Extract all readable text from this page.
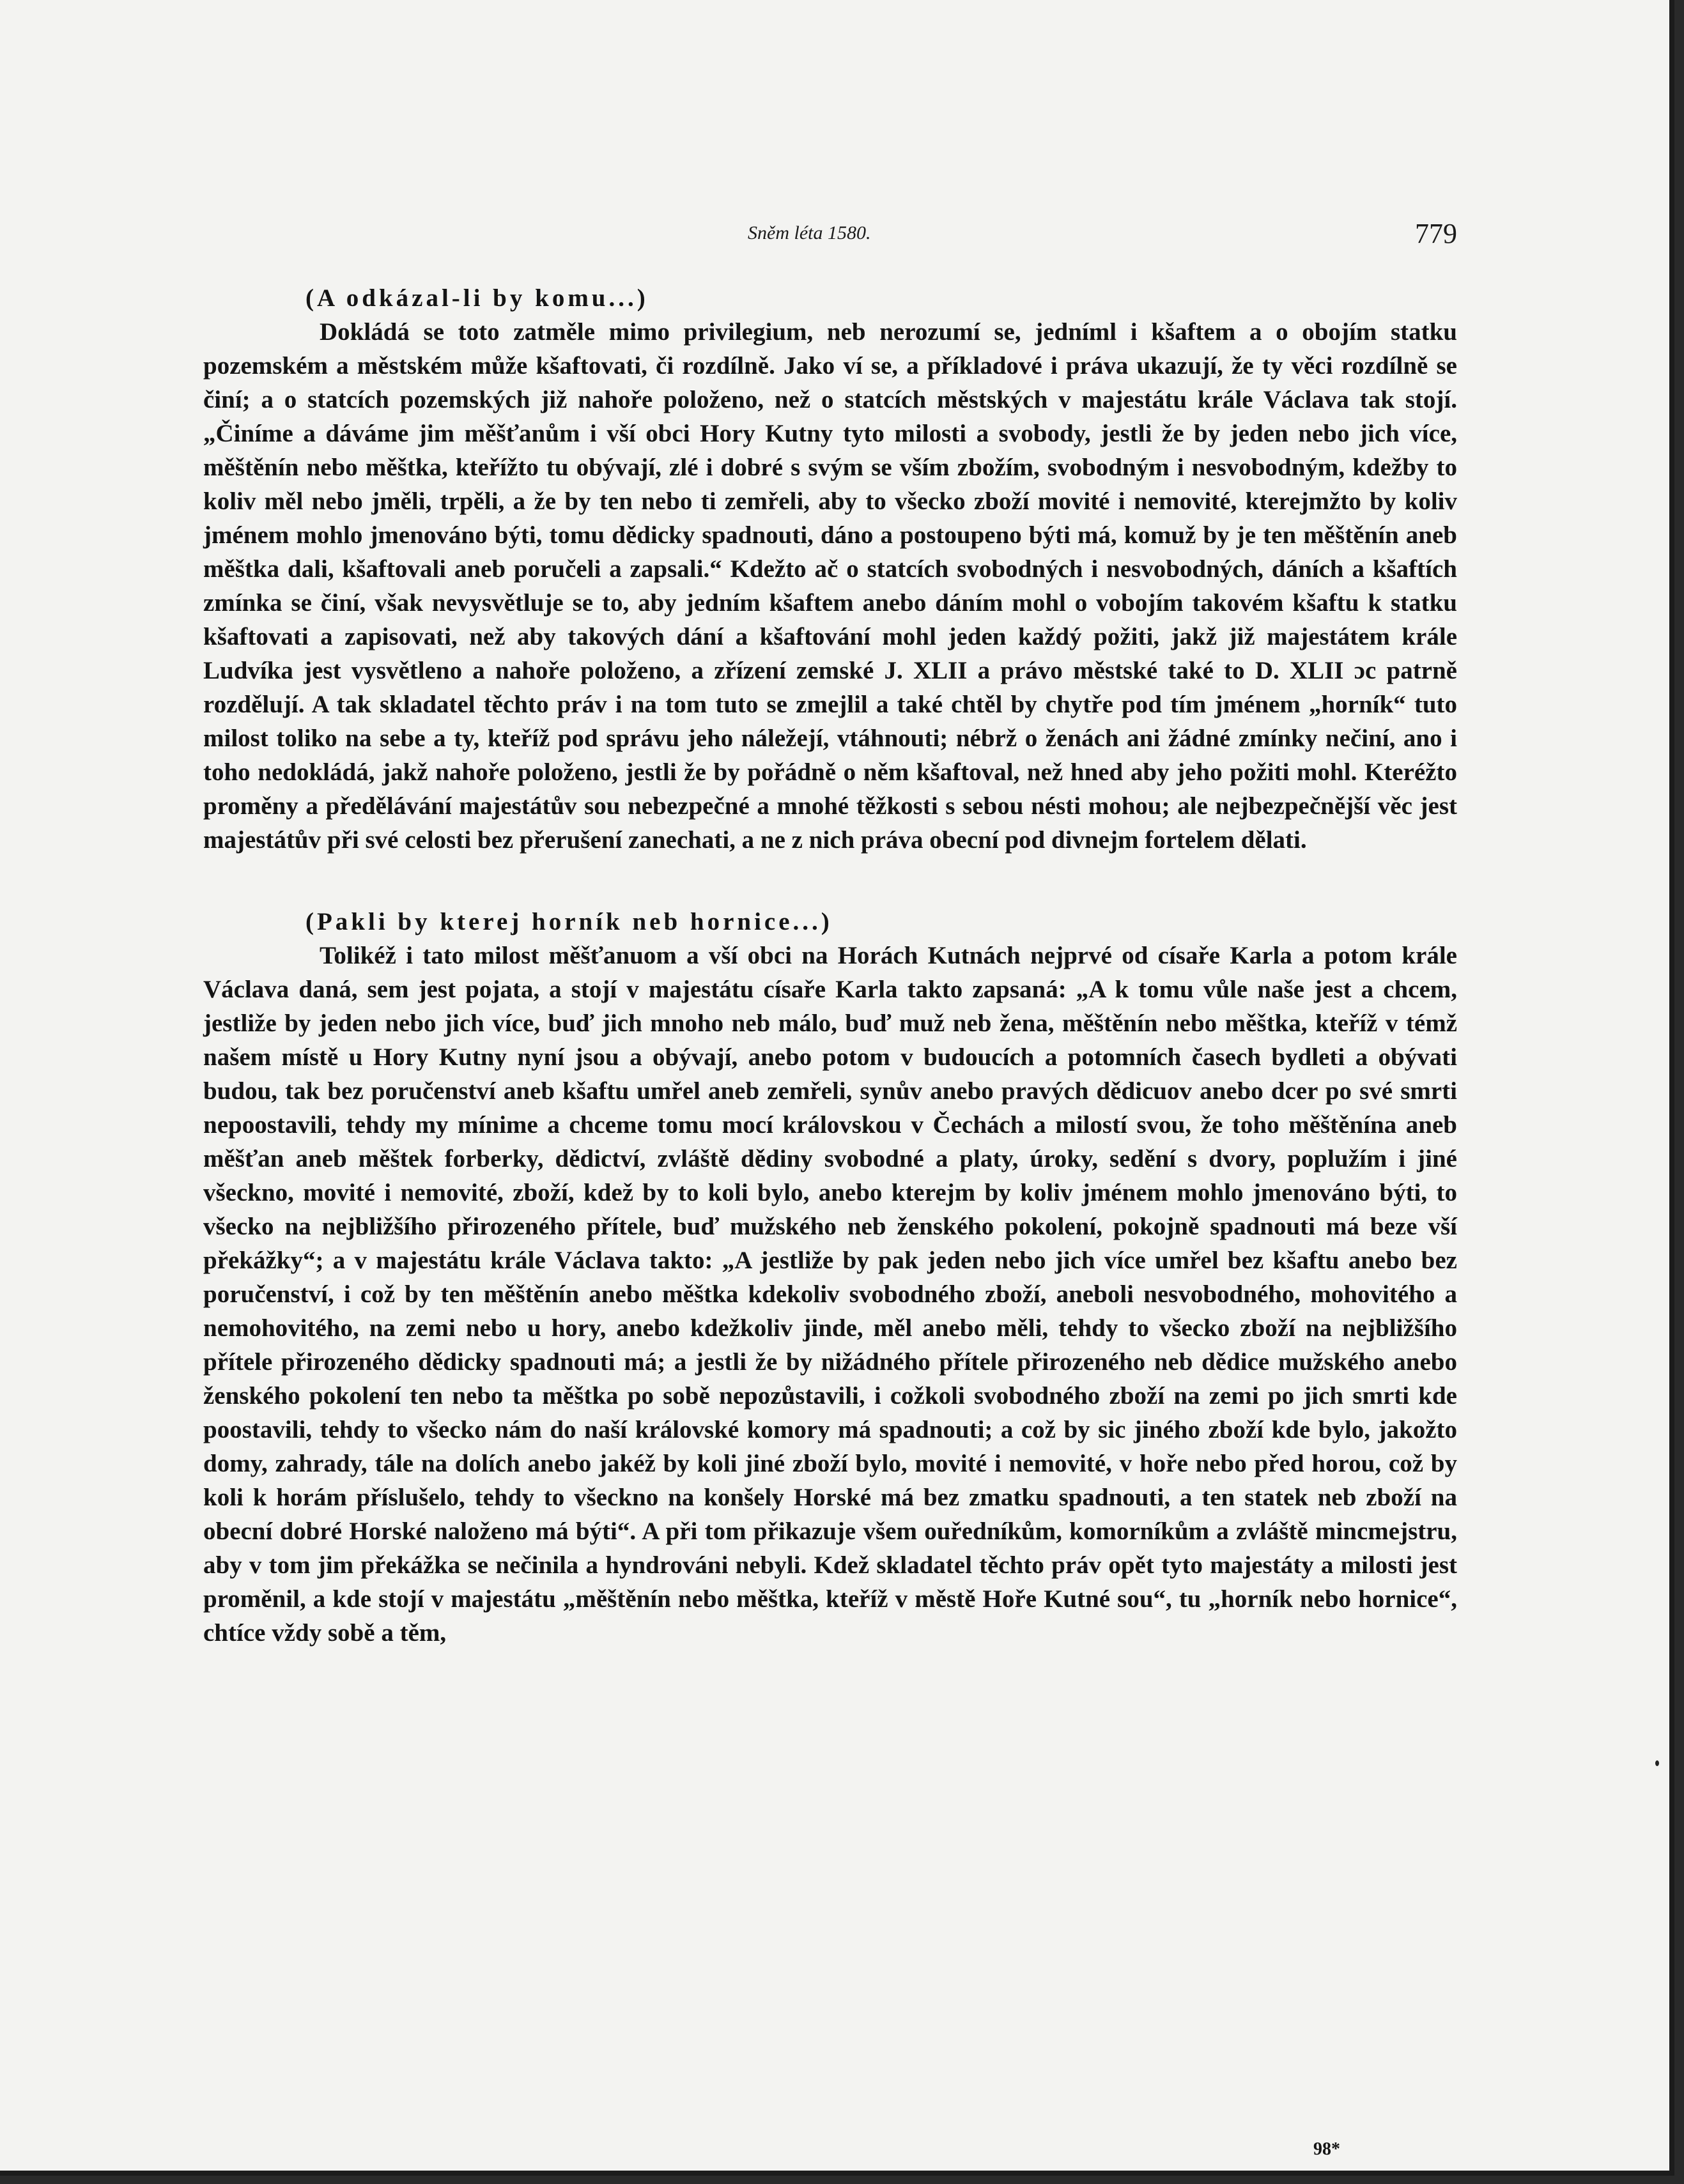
Sněm léta 1580.	779

(A odkázal-li by komu...)

Dokládá se toto zatměle mimo privilegium, neb nerozumí se, jedníml i kšaftem a o obojím statku pozemském a městském může kšaftovati, či rozdílně. Jako ví se, a příkladové i práva ukazují, že ty věci rozdílně se činí; a o statcích pozemských již nahoře položeno, než o statcích městských v majestátu krále Václava tak stojí. „Činíme a dáváme jim měšťanům i vší obci Hory Kutny tyto milosti a svobody, jestli že by jeden nebo jich více, měštěnín nebo měštka, kteřížto tu obývají, zlé i dobré s svým se vším zbožím, svobodným i nesvobodným, kdežby to koliv měl nebo jměli, trpěli, a že by ten nebo ti zemřeli, aby to všecko zboží movité i nemovité, kterejmžto by koliv jménem mohlo jmenováno býti, tomu dědicky spadnouti, dáno a postoupeno býti má, komuž by je ten měštěnín aneb měštka dali, kšaftovali aneb poručeli a zapsali.“ Kdežto ač o statcích svobodných i nesvobodných, dáních a kšaftích zmínka se činí, však nevysvětluje se to, aby jedním kšaftem anebo dáním mohl o vobojím takovém kšaftu k statku kšaftovati a zapisovati, než aby takových dání a kšaftování mohl jeden každý požiti, jakž již majestátem krále Ludvíka jest vysvětleno a nahoře položeno, a zřízení zemské J. XLII a právo městské také to D. XLII ɔc patrně rozdělují. A tak skladatel těchto práv i na tom tuto se zmejlil a také chtěl by chytře pod tím jménem „horník“ tuto milost toliko na sebe a ty, kteříž pod správu jeho náležejí, vtáhnouti; nébrž o ženách ani žádné zmínky nečiní, ano i toho nedokládá, jakž nahoře položeno, jestli že by pořádně o něm kšaftoval, než hned aby jeho požiti mohl. Kteréžto proměny a předělávání majestátův sou nebezpečné a mnohé těžkosti s sebou nésti mohou; ale nejbezpečnější věc jest majestátův při své celosti bez přerušení zanechati, a ne z nich práva obecní pod divnejm fortelem dělati.

(Pakli by kterej horník neb hornice...)

Tolikéž i tato milost měšťanuom a vší obci na Horách Kutnách nejprvé od císaře Karla a potom krále Václava daná, sem jest pojata, a stojí v majestátu císaře Karla takto zapsaná: „A k tomu vůle naše jest a chcem, jestliže by jeden nebo jich více, buď jich mnoho neb málo, buď muž neb žena, měštěnín nebo měštka, kteříž v témž našem místě u Hory Kutny nyní jsou a obývají, anebo potom v budoucích a potomních časech bydleti a obývati budou, tak bez poručenství aneb kšaftu umřel aneb zemřeli, synův anebo pravých dědicuov anebo dcer po své smrti nepoostavili, tehdy my mínime a chceme tomu mocí královskou v Čechách a milostí svou, že toho měštěnína aneb měšťan aneb měštek forberky, dědictví, zvláště dědiny svobodné a platy, úroky, sedění s dvory, poplužím i jiné všeckno, movité i nemovité, zboží, kdež by to koli bylo, anebo kterejm by koliv jménem mohlo jmenováno býti, to všecko na nejbližšího přirozeného přítele, buď mužského neb ženského pokolení, pokojně spadnouti má beze vší překážky“; a v majestátu krále Václava takto: „A jestliže by pak jeden nebo jich více umřel bez kšaftu anebo bez poručenství, i což by ten měštěnín anebo měštka kdekoliv svobodného zboží, aneboli nesvobodného, mohovitého a nemohovitého, na zemi nebo u hory, anebo kdežkoliv jinde, měl anebo měli, tehdy to všecko zboží na nejbližšího přítele přirozeného dědicky spadnouti má; a jestli že by nižádného přítele přirozeného neb dědice mužského anebo ženského pokolení ten nebo ta měštka po sobě nepozůstavili, i cožkoli svobodného zboží na zemi po jich smrti kde poostavili, tehdy to všecko nám do naší královské komory má spadnouti; a což by sic jiného zboží kde bylo, jakožto domy, zahrady, tále na dolích anebo jakéž by koli jiné zboží bylo, movité i nemovité, v hoře nebo před horou, což by koli k horám příslušelo, tehdy to všeckno na konšely Horské má bez zmatku spadnouti, a ten statek neb zboží na obecní dobré Horské naloženo má býti“. A při tom přikazuje všem ouředníkům, komorníkům a zvláště mincmejstru, aby v tom jim překážka se nečinila a hyndrováni nebyli. Kdež skladatel těchto práv opět tyto majestáty a milosti jest proměnil, a kde stojí v majestátu „měštěnín nebo měštka, kteříž v městě Hoře Kutné sou“, tu „horník nebo hornice“, chtíce vždy sobě a těm,

98*
